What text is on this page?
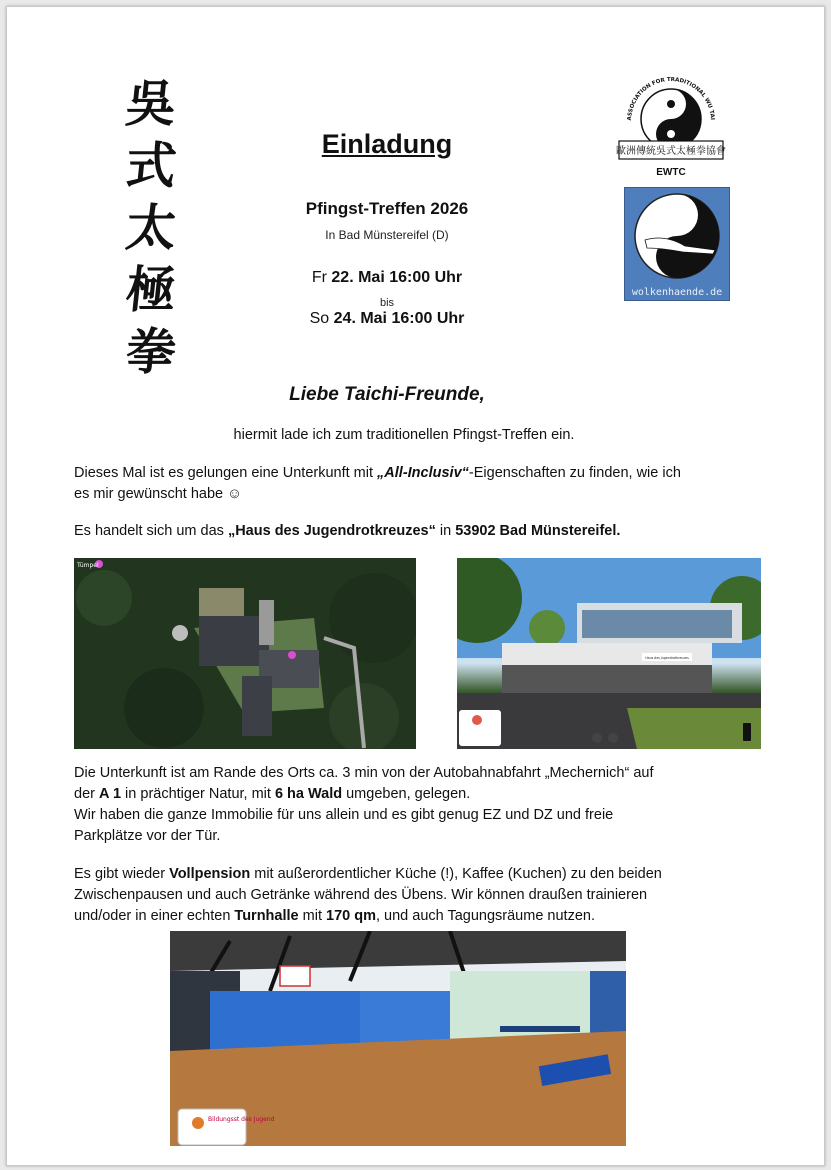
吳
式
太
極
拳
Einladung
Pfingst-Treffen 2026
In Bad Münstereifel (D)
Fr 22. Mai 16:00 Uhr
bis
So 24. Mai 16:00 Uhr
ASSOCIATION FOR TRADITIONAL WU TAI
歐洲傳統吳式太極拳協會
EWTC
wolkenhaende.de
Liebe Taichi-Freunde,
hiermit lade ich zum traditionellen Pfingst-Treffen ein.
Dieses Mal ist es gelungen eine Unterkunft mit „All-Inclusiv“-Eigenschaften zu finden, wie ich
es mir gewünscht habe ☺
Es handelt sich um das „Haus des Jugendrotkreuzes“ in 53902 Bad Münstereifel.
Tümpel
Haus des Jugendrotkreuzes
Die Unterkunft ist am Rande des Orts ca. 3 min von der Autobahnabfahrt „Mechernich“ auf
der A 1 in prächtiger Natur, mit 6 ha Wald umgeben, gelegen.
Wir haben die ganze Immobilie für uns allein und es gibt genug EZ und DZ und freie
Parkplätze vor der Tür.
Es gibt wieder Vollpension mit außerordentlicher Küche (!), Kaffee (Kuchen) zu den beiden
Zwischenpausen und auch Getränke während des Übens. Wir können draußen trainieren
und/oder in einer echten Turnhalle mit 170 qm, und auch Tagungsräume nutzen.
Bildungsst des Jugend
